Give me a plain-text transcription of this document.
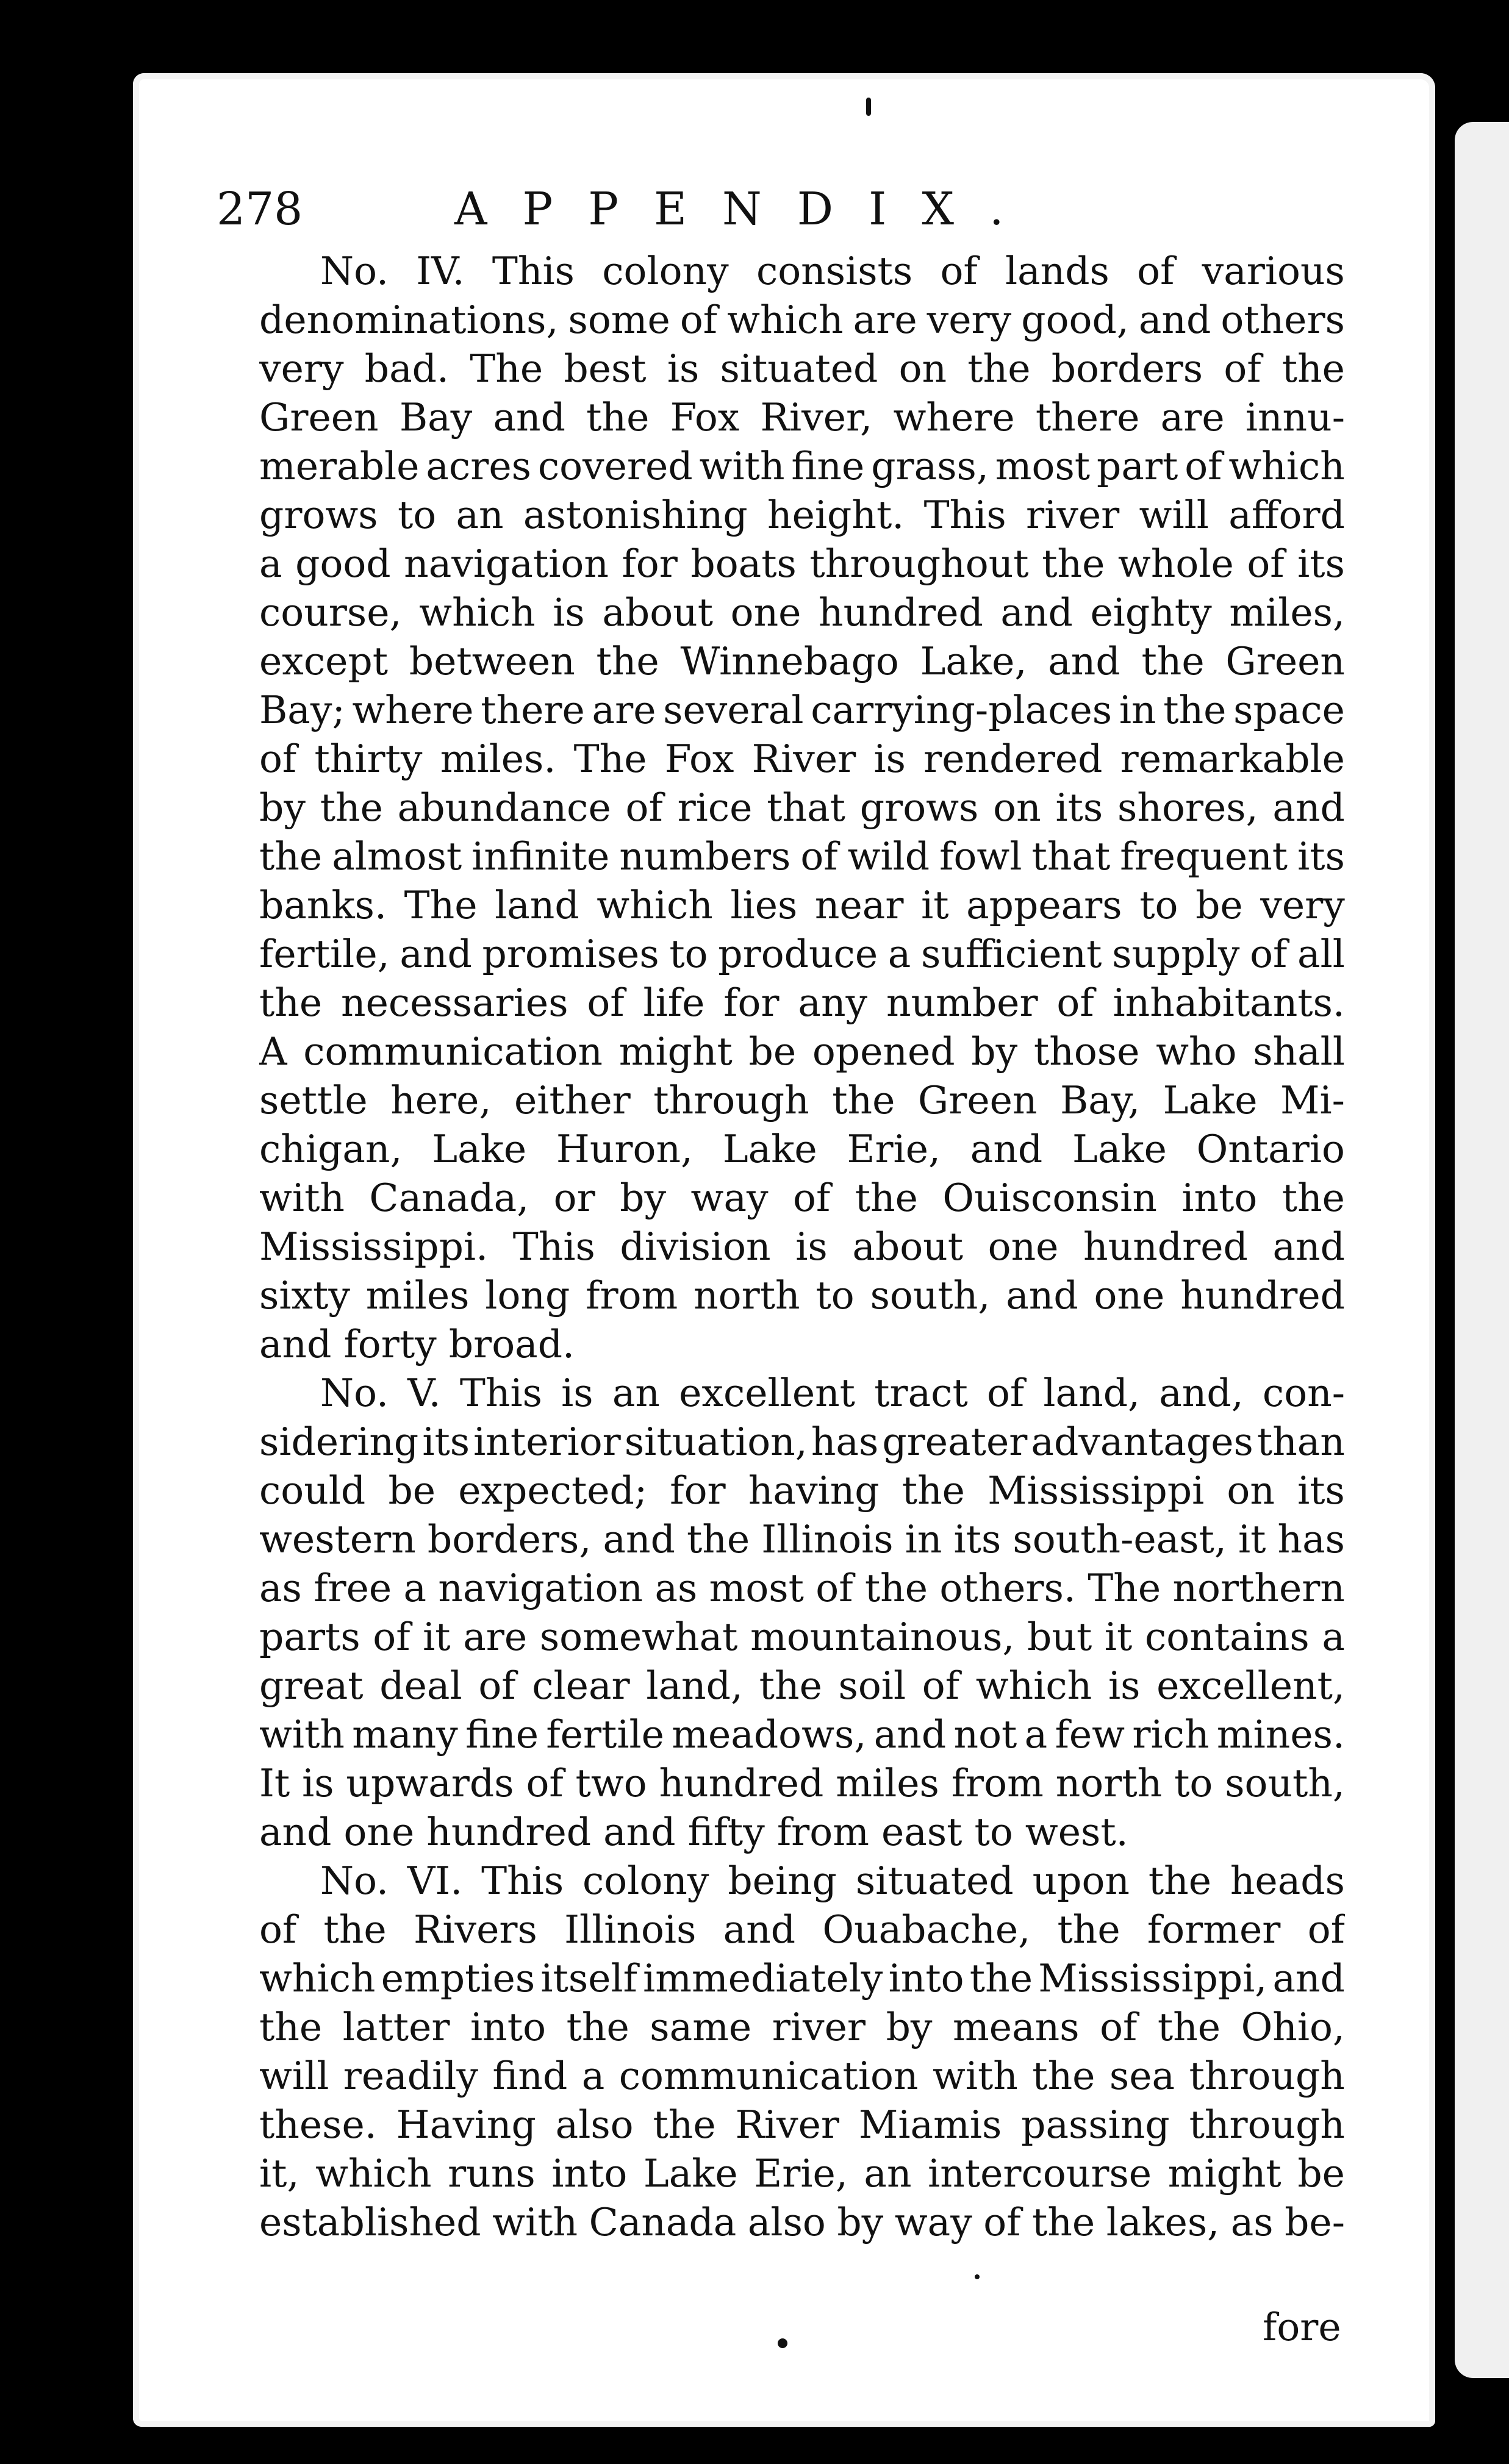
278	APPENDIX.
No. IV. This colony consists of lands of various
denominations, some of which are very good, and others
very bad. The best is situated on the borders of the
Green Bay and the Fox River, where there are innu-
merable acres covered with fine grass, most part of which
grows to an astonishing height. This river will afford
a good navigation for boats throughout the whole of its
course, which is about one hundred and eighty miles,
except between the Winnebago Lake, and the Green
Bay; where there are several carrying-places in the space
of thirty miles. The Fox River is rendered remarkable
by the abundance of rice that grows on its shores, and
the almost infinite numbers of wild fowl that frequent its
banks. The land which lies near it appears to be very
fertile, and promises to produce a sufficient supply of all
the necessaries of life for any number of inhabitants.
A communication might be opened by those who shall
settle here, either through the Green Bay, Lake Mi-
chigan, Lake Huron, Lake Erie, and Lake Ontario
with Canada, or by way of the Ouisconsin into the
Mississippi. This division is about one hundred and
sixty miles long from north to south, and one hundred
and forty broad.
No. V. This is an excellent tract of land, and, con-
sidering its interior situation, has greater advantages than
could be expected; for having the Mississippi on its
western borders, and the Illinois in its south-east, it has
as free a navigation as most of the others. The northern
parts of it are somewhat mountainous, but it contains a
great deal of clear land, the soil of which is excellent,
with many fine fertile meadows, and not a few rich mines.
It is upwards of two hundred miles from north to south,
and one hundred and fifty from east to west.
No. VI. This colony being situated upon the heads
of the Rivers Illinois and Ouabache, the former of
which empties itself immediately into the Mississippi, and
the latter into the same river by means of the Ohio,
will readily find a communication with the sea through
these. Having also the River Miamis passing through
it, which runs into Lake Erie, an intercourse might be
established with Canada also by way of the lakes, as be-
fore
